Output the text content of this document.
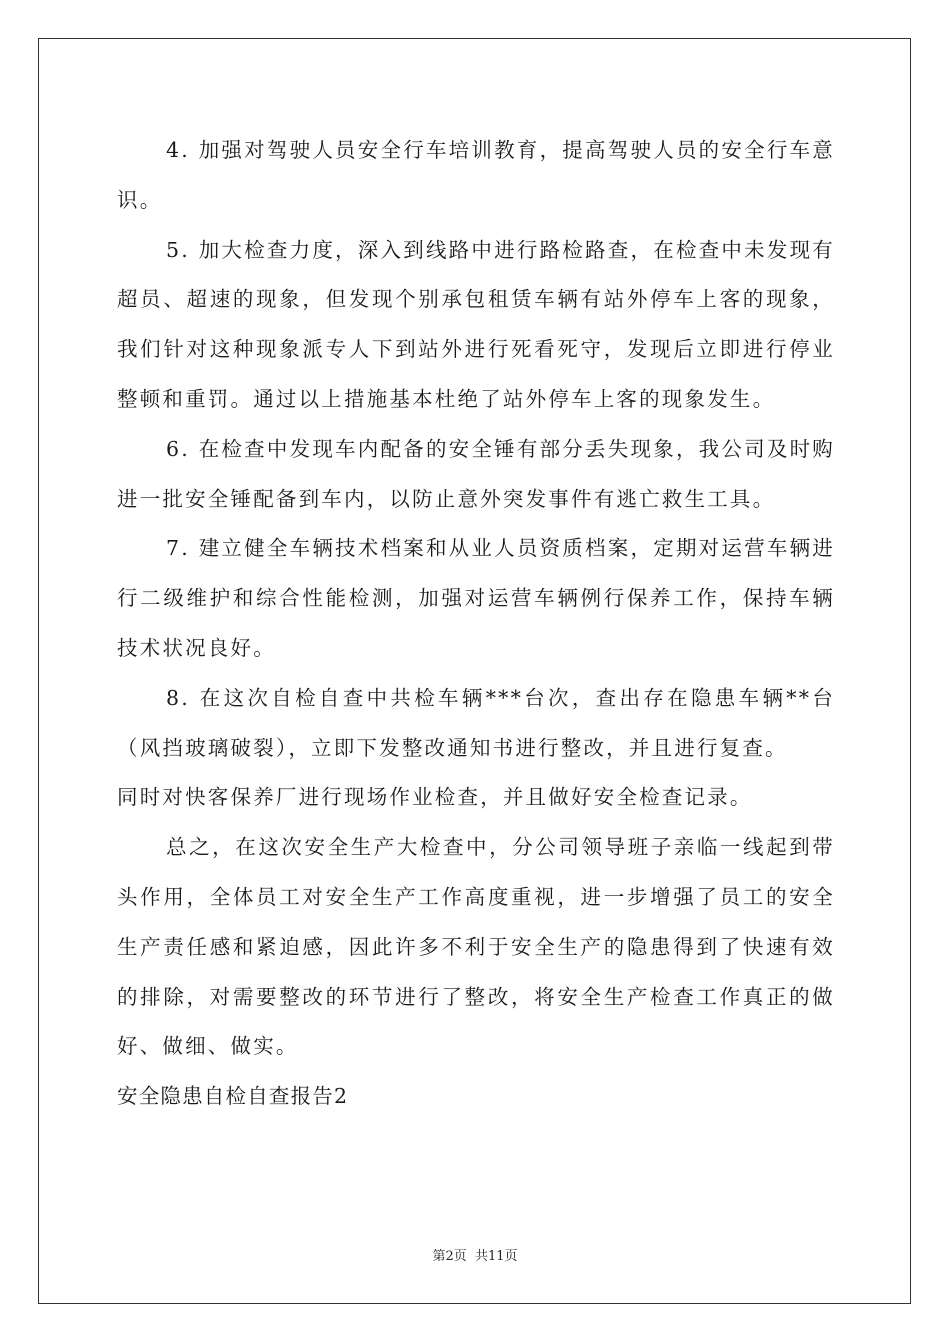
4. 加强对驾驶人员安全行车培训教育，提高驾驶人员的安全行车意识。

5. 加大检查力度，深入到线路中进行路检路查，在检查中未发现有超员、超速的现象，但发现个别承包租赁车辆有站外停车上客的现象，我们针对这种现象派专人下到站外进行死看死守，发现后立即进行停业整顿和重罚。通过以上措施基本杜绝了站外停车上客的现象发生。

6. 在检查中发现车内配备的安全锤有部分丢失现象，我公司及时购进一批安全锤配备到车内，以防止意外突发事件有逃亡救生工具。

7. 建立健全车辆技术档案和从业人员资质档案，定期对运营车辆进行二级维护和综合性能检测，加强对运营车辆例行保养工作，保持车辆技术状况良好。

8. 在这次自检自查中共检车辆***台次，查出存在隐患车辆**台（风挡玻璃破裂），立即下发整改通知书进行整改，并且进行复查。

同时对快客保养厂进行现场作业检查，并且做好安全检查记录。

总之，在这次安全生产大检查中，分公司领导班子亲临一线起到带头作用，全体员工对安全生产工作高度重视，进一步增强了员工的安全生产责任感和紧迫感，因此许多不利于安全生产的隐患得到了快速有效的排除，对需要整改的环节进行了整改，将安全生产检查工作真正的做好、做细、做实。

安全隐患自检自查报告2

第2页 共11页
